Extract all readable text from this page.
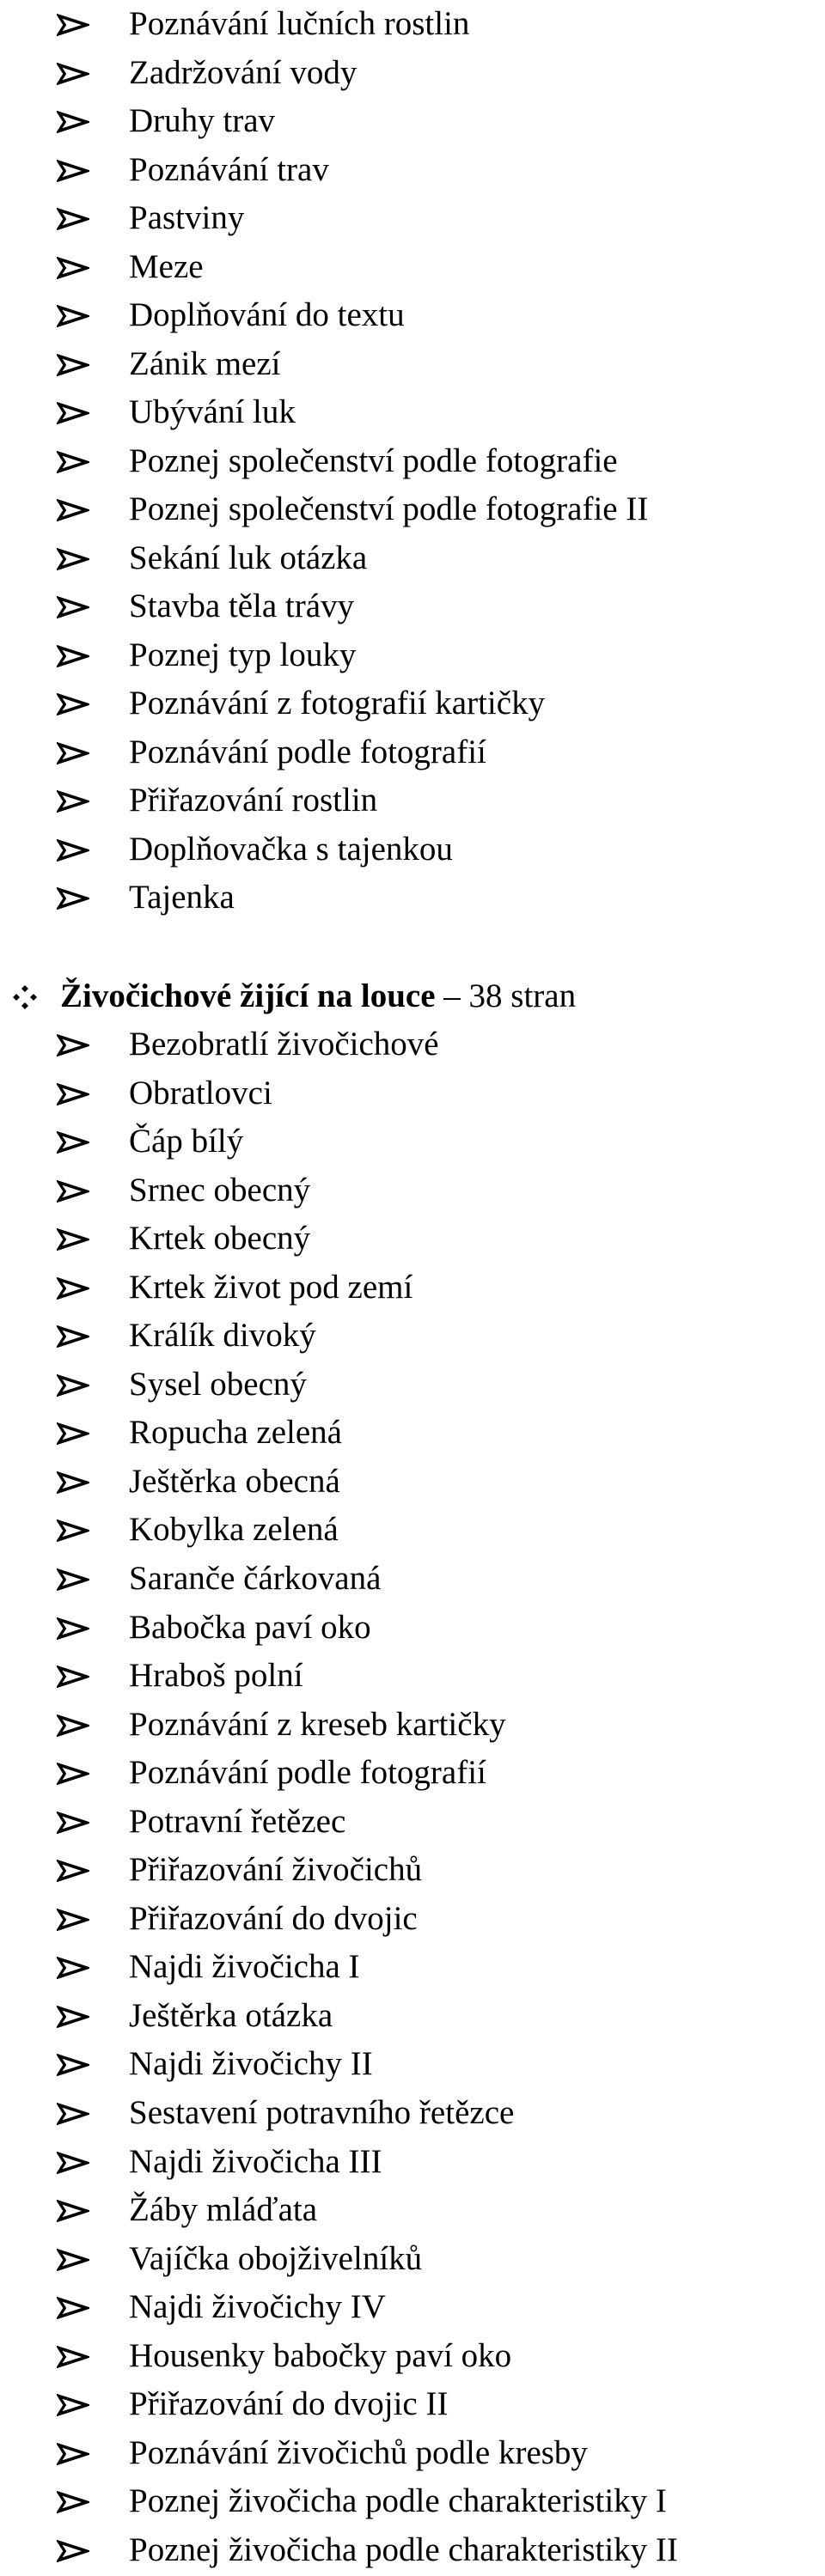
Poznávání lučních rostlin
Zadržování vody
Druhy trav
Poznávání trav
Pastviny
Meze
Doplňování do textu
Zánik mezí
Ubývání luk
Poznej společenství podle fotografie
Poznej společenství podle fotografie II
Sekání luk otázka
Stavba těla trávy
Poznej typ louky
Poznávání z fotografií kartičky
Poznávání podle fotografií
Přiřazování rostlin
Doplňovačka s tajenkou
Tajenka
Živočichové žijící na louce – 38 stran
Bezobratlí živočichové
Obratlovci
Čáp bílý
Srnec obecný
Krtek obecný
Krtek život pod zemí
Králík divoký
Sysel obecný
Ropucha zelená
Ještěrka obecná
Kobylka zelená
Saranče čárkovaná
Babočka paví oko
Hraboš polní
Poznávání z kreseb kartičky
Poznávání podle fotografií
Potravní řetězec
Přiřazování živočichů
Přiřazování do dvojic
Najdi živočicha I
Ještěrka otázka
Najdi živočichy II
Sestavení potravního řetězce
Najdi živočicha III
Žáby mláďata
Vajíčka obojživelníků
Najdi živočichy IV
Housenky babočky paví oko
Přiřazování do dvojic II
Poznávání živočichů podle kresby
Poznej živočicha podle charakteristiky I
Poznej živočicha podle charakteristiky II
